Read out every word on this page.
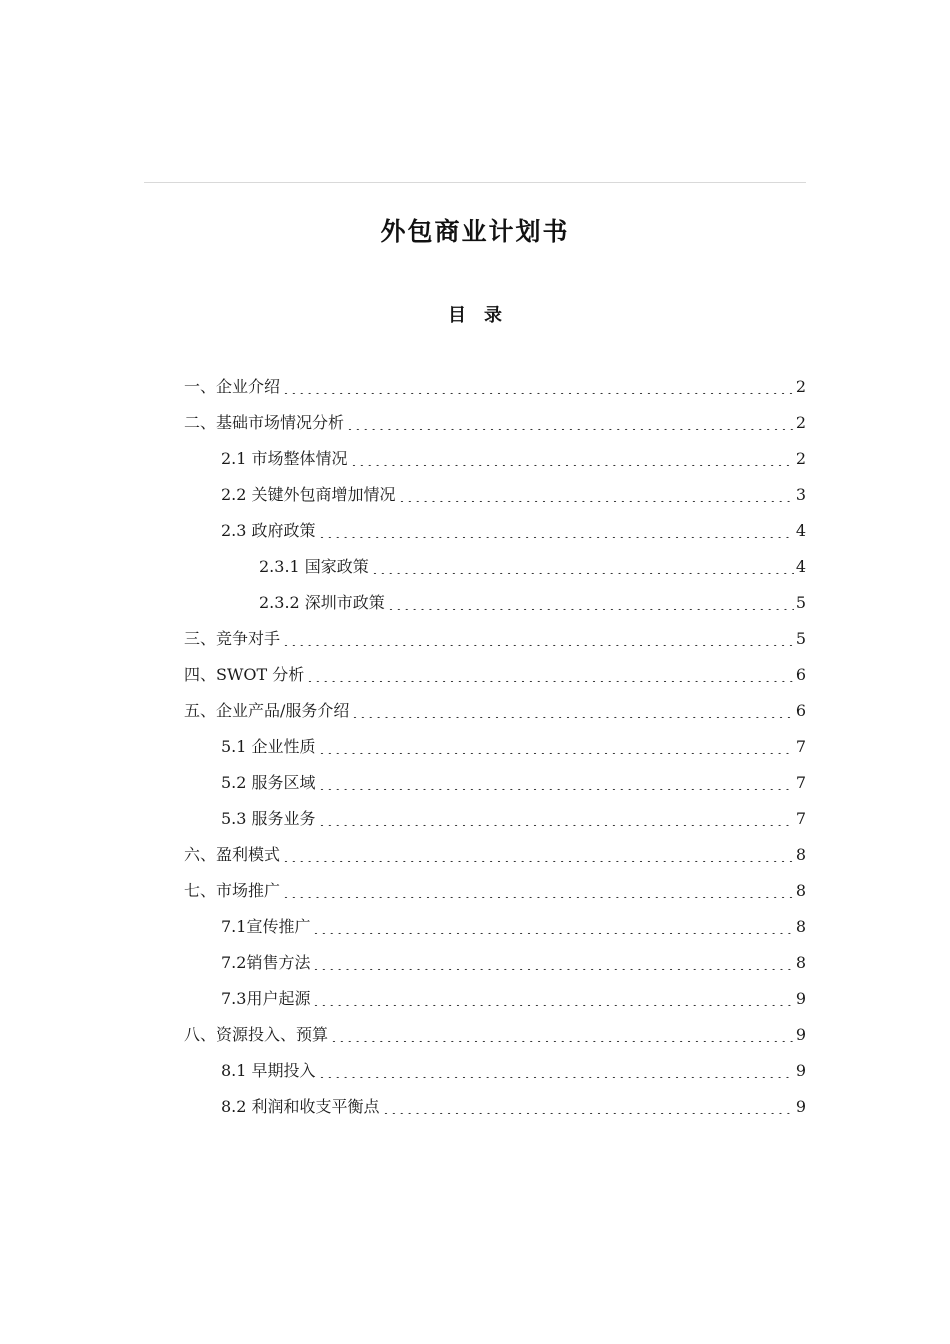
外包商业计划书
目　录
一、企业介绍	2
二、基础市场情况分析	2
2.1 市场整体情况	2
2.2 关键外包商增加情况	3
2.3 政府政策	4
2.3.1 国家政策	4
2.3.2 深圳市政策	5
三、竞争对手	5
四、SWOT 分析	6
五、企业产品/服务介绍	6
5.1 企业性质	7
5.2 服务区域	7
5.3 服务业务	7
六、盈利模式	8
七、市场推广	8
7.1宣传推广	8
7.2销售方法	8
7.3用户起源	9
八、资源投入、预算	9
8.1 早期投入	9
8.2 利润和收支平衡点	9
